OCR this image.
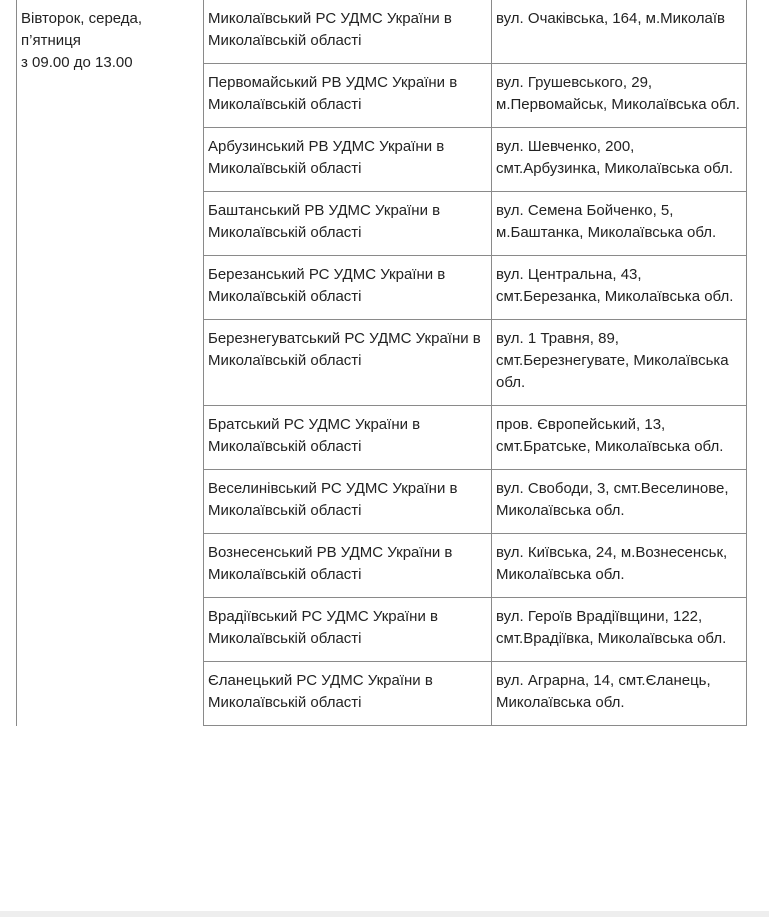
Вівторок, середа,
п’ятниця
з 09.00 до 13.00	Миколаївський РС УДМС України в Миколаївській області	вул. Очаківська, 164, м.Миколаїв

	Первомайський РВ УДМС України в Миколаївській області	вул. Грушевського, 29, м.Первомайськ, Миколаївська обл.

	Арбузинський РВ УДМС України в Миколаївській області	вул. Шевченко, 200, смт.Арбузинка, Миколаївська обл.

	Баштанський РВ УДМС України в Миколаївській області	вул. Семена Бойченко, 5, м.Баштанка, Миколаївська обл.

	Березанський РС УДМС України в Миколаївській області	вул. Центральна, 43, смт.Березанка, Миколаївська обл.

	Березнегуватський РС УДМС України в Миколаївській області	вул. 1 Травня, 89, смт.Березнегувате, Миколаївська обл.

	Братський РС УДМС України в Миколаївській області	пров. Європейський, 13, смт.Братське, Миколаївська обл.

	Веселинівський РС УДМС України в Миколаївській області	вул. Свободи, 3, смт.Веселинове, Миколаївська обл.

	Вознесенський РВ УДМС України в Миколаївській області	вул. Київська, 24, м.Вознесенськ, Миколаївська обл.

	Врадіївський РС УДМС України в Миколаївській області	вул. Героїв Врадіївщини, 122, смт.Врадіївка, Миколаївська обл.

	Єланецький РС УДМС України в Миколаївській області	вул. Аграрна, 14, смт.Єланець, Миколаївська обл.
